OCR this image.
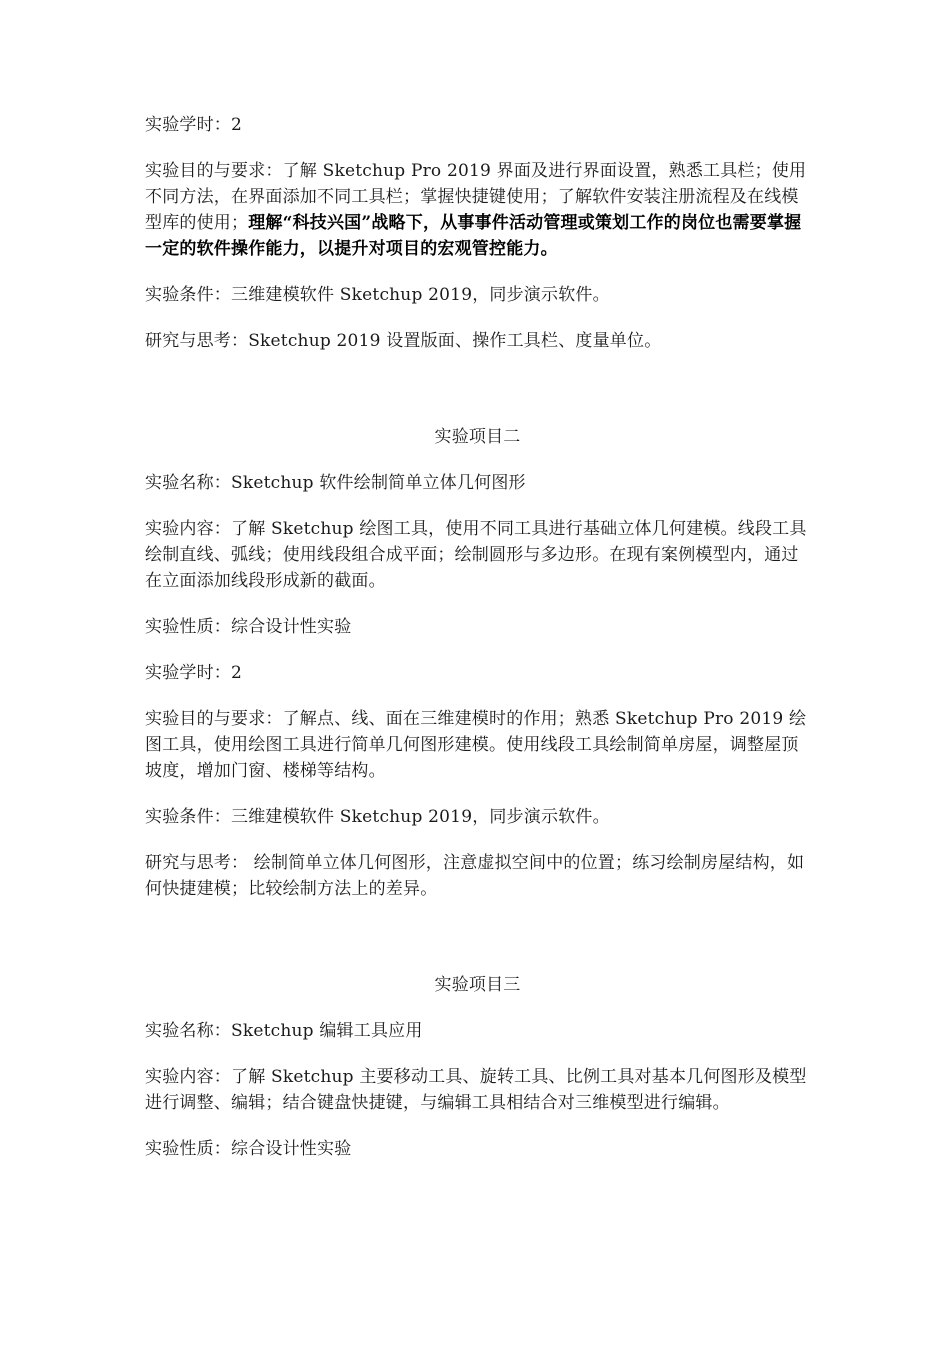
实验学时：2

实验目的与要求：了解 Sketchup Pro 2019 界面及进行界面设置，熟悉工具栏；使用不同方法，在界面添加不同工具栏；掌握快捷键使用；了解软件安装注册流程及在线模型库的使用；理解“科技兴国”战略下，从事事件活动管理或策划工作的岗位也需要掌握一定的软件操作能力，以提升对项目的宏观管控能力。

实验条件：三维建模软件 Sketchup 2019，同步演示软件。

研究与思考：Sketchup 2019 设置版面、操作工具栏、度量单位。

实验项目二

实验名称：Sketchup 软件绘制简单立体几何图形

实验内容：了解 Sketchup 绘图工具，使用不同工具进行基础立体几何建模。线段工具绘制直线、弧线；使用线段组合成平面；绘制圆形与多边形。在现有案例模型内，通过在立面添加线段形成新的截面。

实验性质：综合设计性实验

实验学时：2

实验目的与要求：了解点、线、面在三维建模时的作用；熟悉 Sketchup Pro 2019 绘图工具，使用绘图工具进行简单几何图形建模。使用线段工具绘制简单房屋，调整屋顶坡度，增加门窗、楼梯等结构。

实验条件：三维建模软件 Sketchup 2019，同步演示软件。

研究与思考： 绘制简单立体几何图形，注意虚拟空间中的位置；练习绘制房屋结构，如何快捷建模；比较绘制方法上的差异。

实验项目三

实验名称：Sketchup 编辑工具应用

实验内容：了解 Sketchup 主要移动工具、旋转工具、比例工具对基本几何图形及模型进行调整、编辑；结合键盘快捷键，与编辑工具相结合对三维模型进行编辑。

实验性质：综合设计性实验
